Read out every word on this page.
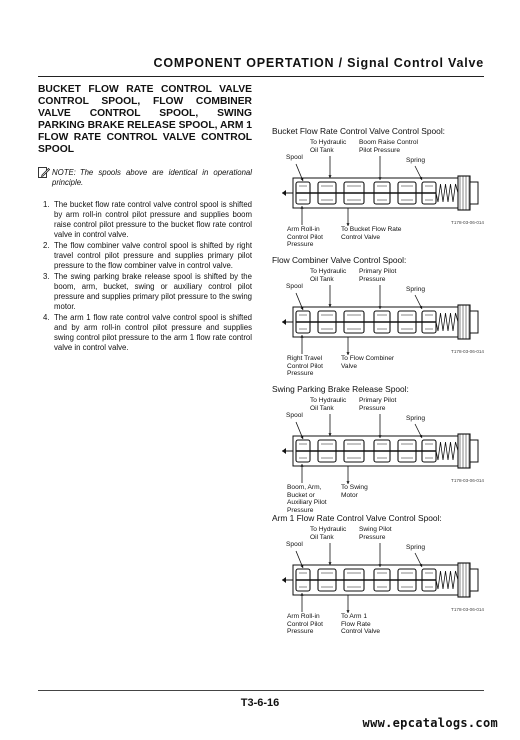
COMPONENT OPERTATION / Signal Control Valve
BUCKET FLOW RATE CONTROL VALVE CONTROL SPOOL, FLOW COMBINER VALVE CONTROL SPOOL, SWING PARKING BRAKE RELEASE SPOOL, ARM 1 FLOW RATE CONTROL VALVE CONTROL SPOOL
NOTE: The spools above are identical in operational principle.
1. The bucket flow rate control valve control spool is shifted by arm roll-in control pilot pressure and supplies boom raise control pilot pressure to the bucket flow rate control valve in control valve.
2. The flow combiner valve control spool is shifted by right travel control pilot pressure and supplies primary pilot pressure to the flow combiner valve in control valve.
3. The swing parking brake release spool is shifted by the boom, arm, bucket, swing or auxiliary control pilot pressure and supplies primary pilot pressure to the swing motor.
4. The arm 1 flow rate control valve control spool is shifted and by arm roll-in control pilot pressure and supplies swing control pilot pressure to the arm 1 flow rate control valve in control valve.
Bucket Flow Rate Control Valve Control Spool:
Spool
To Hydraulic
Oil Tank
Boom Raise Control
Pilot Pressure
Spring
Arm Roll-in
Control Pilot
Pressure
To Bucket Flow Rate
Control Valve
T178-03-06-014
Flow Combiner Valve Control Spool:
Spool
To Hydraulic
Oil Tank
Primary Pilot
Pressure
Spring
Right Travel
Control Pilot
Pressure
To Flow Combiner
Valve
T178-03-06-014
Swing Parking Brake Release Spool:
Spool
To Hydraulic
Oil Tank
Primary Pilot
Pressure
Spring
Boom, Arm,
Bucket or
Auxiliary Pilot
Pressure
To Swing
Motor
T178-03-06-014
Arm 1 Flow Rate Control Valve Control Spool:
Spool
To Hydraulic
Oil Tank
Swing Pilot
Pressure
Spring
Arm Roll-in
Control Pilot
Pressure
To Arm 1
Flow Rate
Control Valve
T178-03-06-014
T3-6-16
www.epcatalogs.com
